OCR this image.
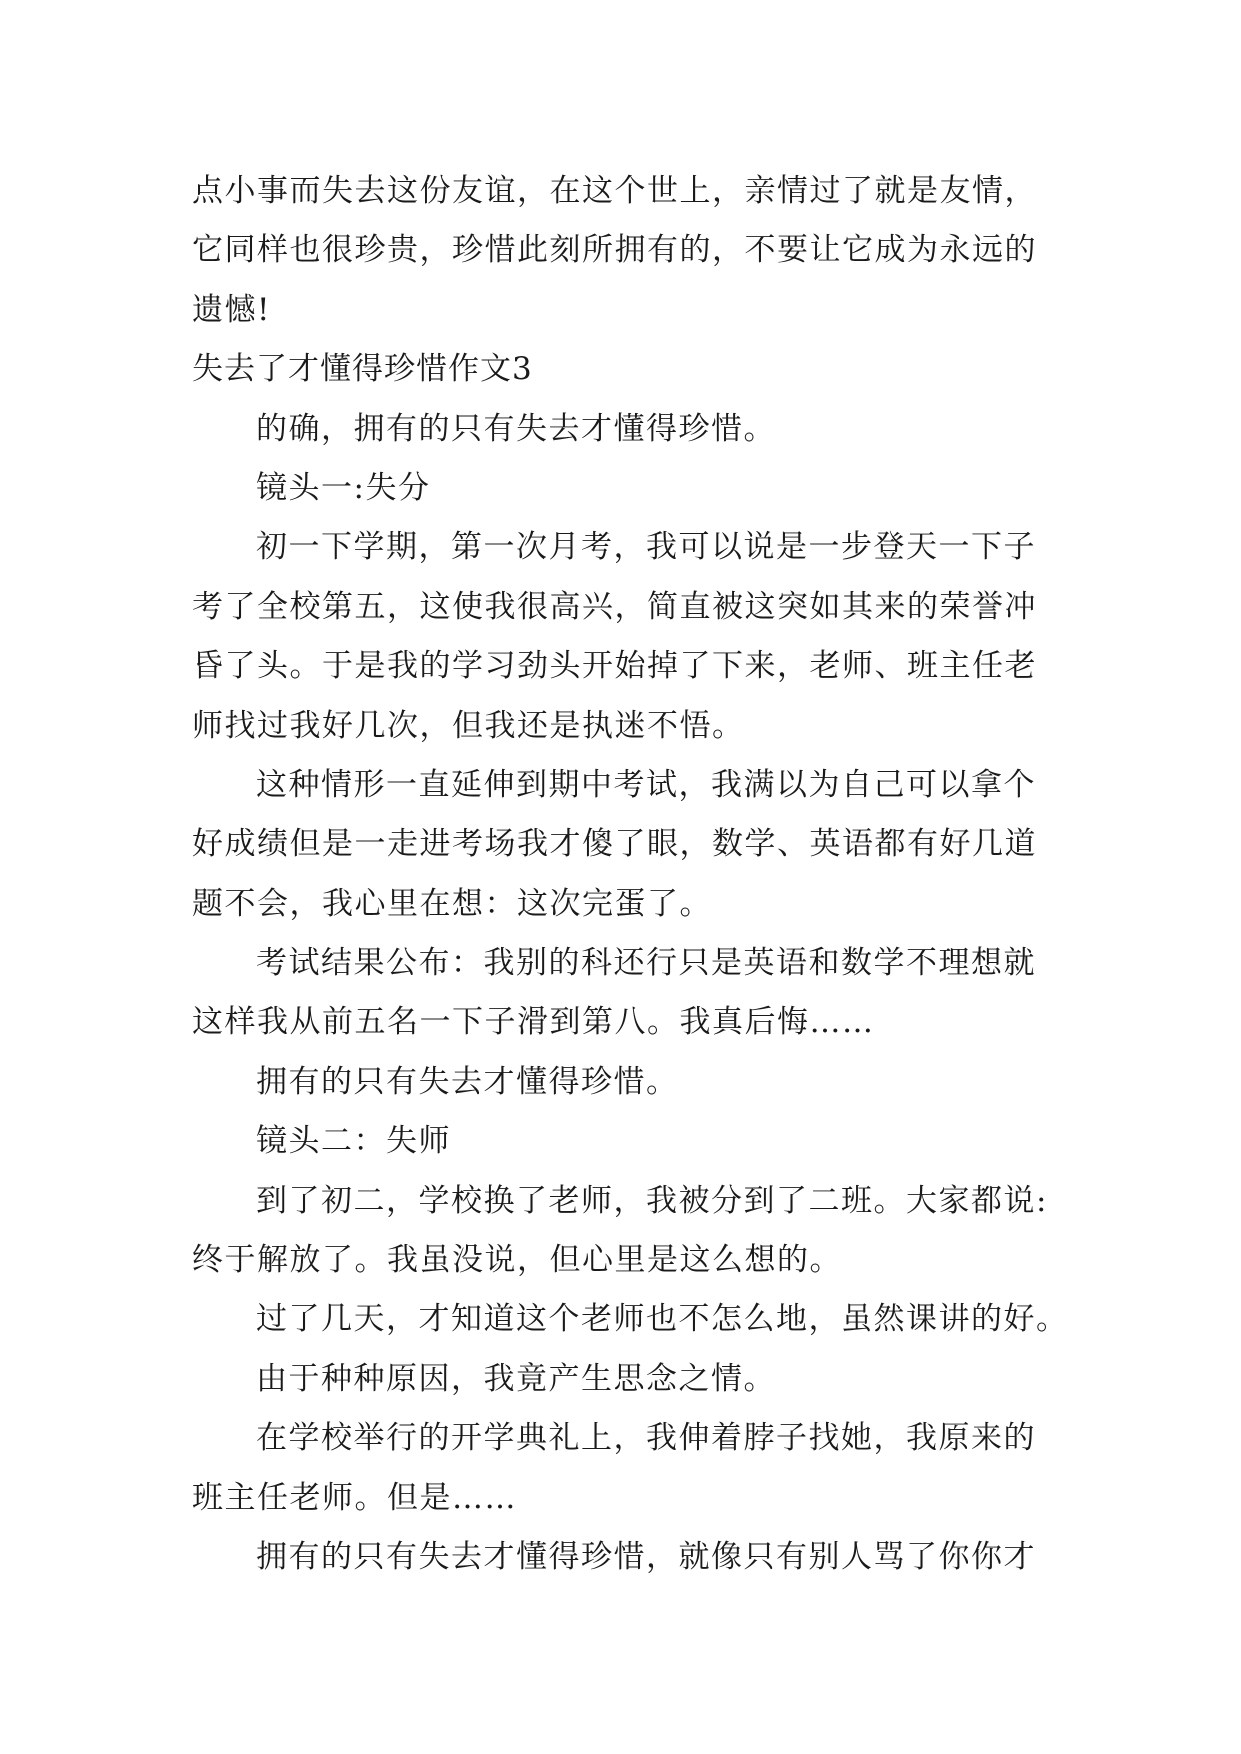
点小事而失去这份友谊，在这个世上，亲情过了就是友情，
它同样也很珍贵，珍惜此刻所拥有的，不要让它成为永远的
遗憾!
失去了才懂得珍惜作文3
的确，拥有的只有失去才懂得珍惜。
镜头一:失分
初一下学期，第一次月考，我可以说是一步登天一下子
考了全校第五，这使我很高兴，简直被这突如其来的荣誉冲
昏了头。于是我的学习劲头开始掉了下来，老师、班主任老
师找过我好几次，但我还是执迷不悟。
这种情形一直延伸到期中考试，我满以为自己可以拿个
好成绩但是一走进考场我才傻了眼，数学、英语都有好几道
题不会，我心里在想：这次完蛋了。
考试结果公布：我别的科还行只是英语和数学不理想就
这样我从前五名一下子滑到第八。我真后悔……
拥有的只有失去才懂得珍惜。
镜头二：失师
到了初二，学校换了老师，我被分到了二班。大家都说:
终于解放了。我虽没说，但心里是这么想的。
过了几天，才知道这个老师也不怎么地，虽然课讲的好。
由于种种原因，我竟产生思念之情。
在学校举行的开学典礼上，我伸着脖子找她，我原来的
班主任老师。但是……
拥有的只有失去才懂得珍惜，就像只有别人骂了你你才
